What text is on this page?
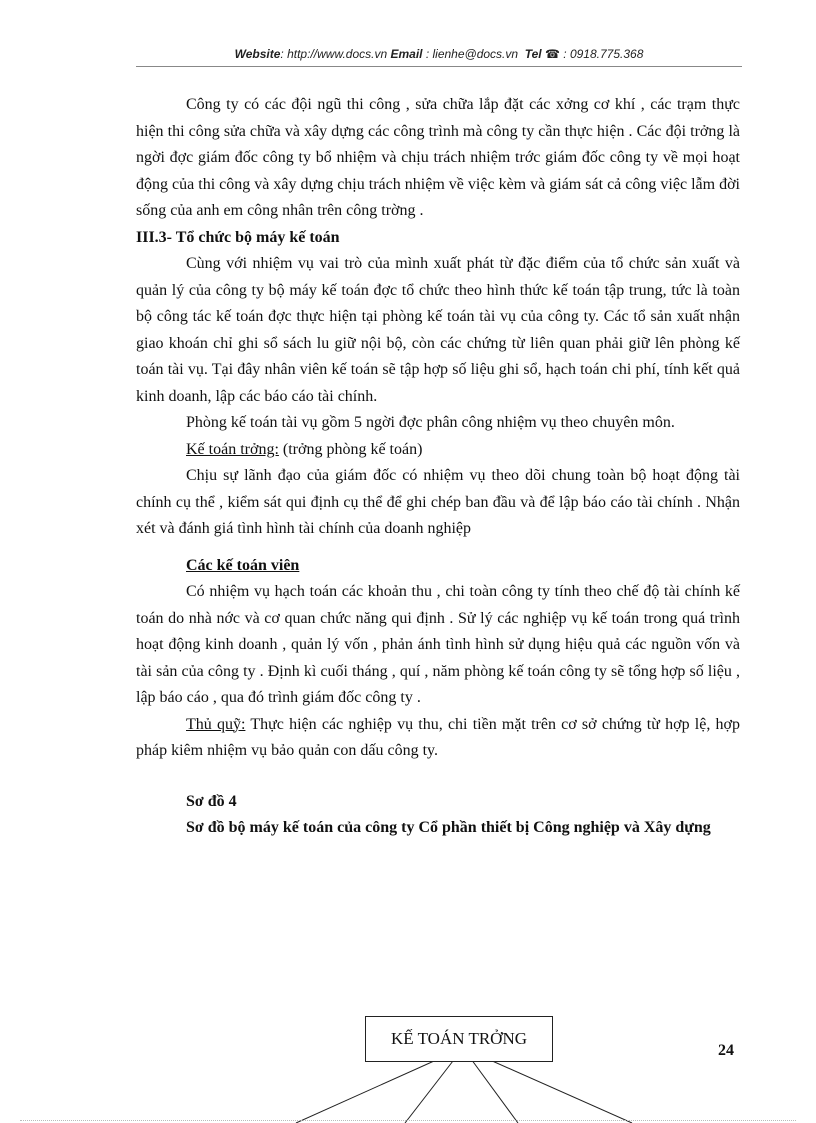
Website: http://www.docs.vn Email : lienhe@docs.vn Tel ☎ : 0918.775.368

Công ty có các đội ngũ thi công , sửa chữa lắp đặt các xởng cơ khí , các trạm thực hiện thi công sửa chữa và xây dựng các công trình mà công ty cần thực hiện . Các đội trởng là ngời đợc giám đốc công ty bổ nhiệm và chịu trách nhiệm trớc giám đốc công ty về mọi hoạt động của thi công và xây dựng chịu trách nhiệm về việc kèm và giám sát cả công việc lẫm đời sống của anh em công nhân trên công trờng .

III.3- Tổ chức bộ máy kế toán

Cùng với nhiệm vụ vai trò của mình xuất phát từ đặc điểm của tổ chức sản xuất và quản lý của công ty bộ máy kế toán đợc tổ chức theo hình thức kế toán tập trung, tức là toàn bộ công tác kế toán đợc thực hiện tại phòng kế toán tài vụ của công ty. Các tổ sản xuất nhận giao khoán chỉ ghi sổ sách lu giữ nội bộ, còn các chứng từ liên quan phải giữ lên phòng kế toán tài vụ. Tại đây nhân viên kế toán sẽ tập hợp số liệu ghi sổ, hạch toán chi phí, tính kết quả kinh doanh, lập các báo cáo tài chính.

Phòng kế toán tài vụ gồm 5 ngời đợc phân công nhiệm vụ theo chuyên môn.

Kế toán trởng: (trởng phòng kế toán)

Chịu sự lãnh đạo của giám đốc có nhiệm vụ theo dõi chung toàn bộ hoạt động tài chính cụ thể , kiểm sát qui định cụ thể để ghi chép ban đầu và để lập báo cáo tài chính . Nhận xét và đánh giá tình hình tài chính của doanh nghiệp

Các kế toán viên

Có nhiệm vụ hạch toán các khoản thu , chi toàn công ty tính theo chế độ tài chính kế toán do nhà nớc và cơ quan chức năng qui định . Sử lý các nghiệp vụ kế toán trong quá trình hoạt động kinh doanh , quản lý vốn , phản ánh tình hình sử dụng hiệu quả các nguồn vốn và tài sản của công ty . Định kì cuối tháng , quí , năm phòng kế toán công ty sẽ tổng hợp số liệu , lập báo cáo , qua đó trình giám đốc công ty .

Thủ quỹ: Thực hiện các nghiệp vụ thu, chi tiền mặt trên cơ sở chứng từ hợp lệ, hợp pháp kiêm nhiệm vụ bảo quản con dấu công ty.

Sơ đồ 4

Sơ đồ bộ máy kế toán của công ty Cổ phần thiết bị Công nghiệp và Xây dựng

KẾ TOÁN TRỞNG
24
